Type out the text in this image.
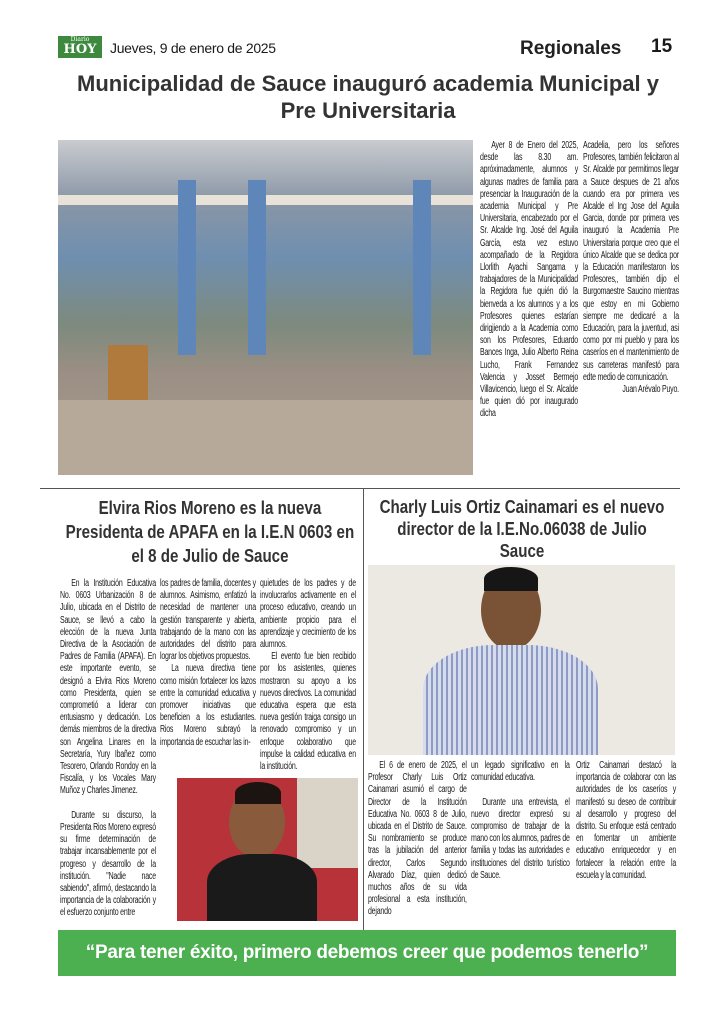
Diario
HOY Jueves, 9 de enero de 2025	Regionales 15
Municipalidad de Sauce inauguró academia Municipal y Pre Universitaria

Ayer 8 de Enero del 2025, desde las 8.30 am. apróximadamente, alumnos y algunas madres de familia para presenciar la Inauguración de la academia Municipal y Pre Universitaria, encabezado por el Sr. Alcalde Ing. José del Aguila García, esta vez estuvo acompañado de la Regidora Llorlith Ayachi Sangama y trabajadores de la Municipalidad la Regidora fue quién dió la bienveda a los alumnos y a los Profesores quienes estarían dirigjiendo a la Academia como son los Profesores, Eduardo Bances Inga, Julio Alberto Reina Lucho, Frank Fernandez Valencia y Josset Bermejo Villavicencio, luego el Sr. Alcalde fue quien dió por inaugurado dicha

Acadelia, pero los señores Profesores, también felicitaron al Sr. Alcalde por permitirnos llegar a Sauce despues de 21 años cuando era por primera ves Alcalde el Ing Jose del Aguila Garcia, donde por primera ves inauguró la Academia Pre Universitaria porque creo que el único Alcalde que se dedica por la Educación manifestaron los Profesores,, también dijo el Burgomaestre Saucino mientras que estoy en mi Gobierno siempre me dedicaré a la Educación, para la juventud, asi como por mi pueblo y para los caseríos en el mantenimiento de sus carreteras manifestó para edte medio de comunicación.

Juan Arévalo Puyo.

Elvira Rios Moreno es la nueva Presidenta de APAFA en la I.E.N 0603 en el 8 de Julio de Sauce

En la Institución Educativa No. 0603 Urbanización 8 de Julio, ubicada en el Distrito de Sauce, se llevó a cabo la elección de la nueva Junta Directiva de la Asociación de Padres de Familia (APAFA). En este importante evento, se designó a Elvira Rios Moreno como Presidenta, quien se comprometió a liderar con entusiasmo y dedicación. Los demás miembros de la directiva son Angelina Linares en la Secretaría, Yury Ibañez como Tesorero, Orlando Rondoy en la Fiscalía, y los Vocales Mary Muñoz y Charles Jimenez.

Durante su discurso, la Presidenta Rios Moreno expresó su firme determinación de trabajar incansablemente por el progreso y desarrollo de la institución. "Nadie nace sabiendo", afirmó, destacando la importancia de la colaboración y el esfuerzo conjunto entre

los padres de familia, docentes y alumnos. Asimismo, enfatizó la necesidad de mantener una gestión transparente y abierta, trabajando de la mano con las autoridades del distrito para lograr los objetivos propuestos.

La nueva directiva tiene como misión fortalecer los lazos entre la comunidad educativa y promover iniciativas que beneficien a los estudiantes. Rios Moreno subrayó la importancia de escuchar las in-

quietudes de los padres y de involucrarlos activamente en el proceso educativo, creando un ambiente propicio para el aprendizaje y crecimiento de los alumnos.

El evento fue bien recibido por los asistentes, quienes mostraron su apoyo a los nuevos directivos. La comunidad educativa espera que esta nueva gestión traiga consigo un renovado compromiso y un enfoque colaborativo que impulse la calidad educativa en la institución.

Charly Luis Ortiz Cainamari es el nuevo director de la I.E.No.06038 de Julio Sauce

El 6 de enero de 2025, el Profesor Charly Luis Ortiz Cainamari asumió el cargo de Director de la Institución Educativa No. 0603 8 de Julio, ubicada en el Distrito de Sauce. Su nombramiento se produce tras la jubilación del anterior director, Carlos Segundo Alvarado Díaz, quien dedicó muchos años de su vida profesional a esta institución, dejando

un legado significativo en la comunidad educativa.

Durante una entrevista, el nuevo director expresó su compromiso de trabajar de la mano con los alumnos, padres de familia y todas las autoridades e instituciones del distrito turístico de Sauce.

Ortiz Cainamari destacó la importancia de colaborar con las autoridades de los caseríos y manifestó su deseo de contribuir al desarrollo y progreso del distrito. Su enfoque está centrado en fomentar un ambiente educativo enriquecedor y en fortalecer la relación entre la escuela y la comunidad.

“Para tener éxito, primero debemos creer que podemos tenerlo”
